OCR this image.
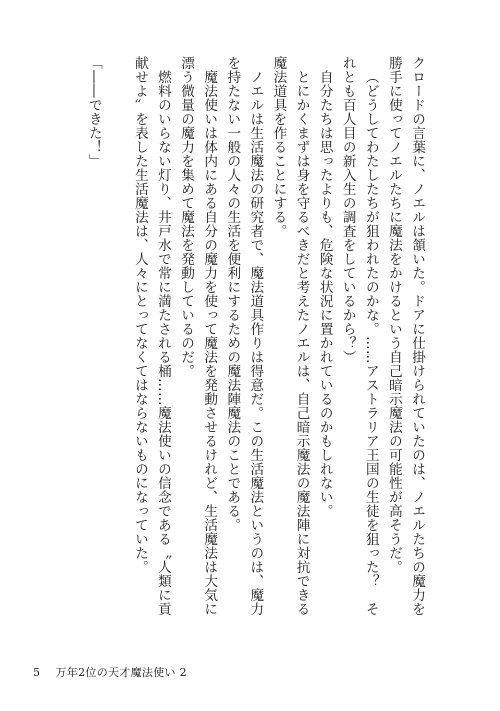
クロードの言葉に、ノエルは頷いた。ドアに仕掛けられていたのは、ノエルたちの魔力を勝手に使ってノエルたちに魔法をかけるという自己暗示魔法の可能性が高そうだ。

（どうしてわたしたちが狙われたのかな。……アストラリア王国の生徒を狙った？　それとも百人目の新入生の調査をしているから？）

自分たちは思ったよりも、危険な状況に置かれているのかもしれない。

とにかくまずは身を守るべきだと考えたノエルは、自己暗示魔法の魔法陣に対抗できる魔法道具を作ることにする。

ノエルは生活魔法の研究者で、魔法道具作りは得意だ。この生活魔法というのは、魔力を持たない一般の人々の生活を便利にするための魔法陣魔法のことである。

魔法使いは体内にある自分の魔力を使って魔法を発動させるけれど、生活魔法は大気に漂う微量の魔力を集めて魔法を発動しているのだ。

燃料のいらない灯り、井戸水で常に満たされる桶……魔法使いの信念である〝人類に貢献せよ〟を表した生活魔法は、人々にとってなくてはならないものになっていた。

「――できた！」

5 万年2位の天才魔法使い 2
